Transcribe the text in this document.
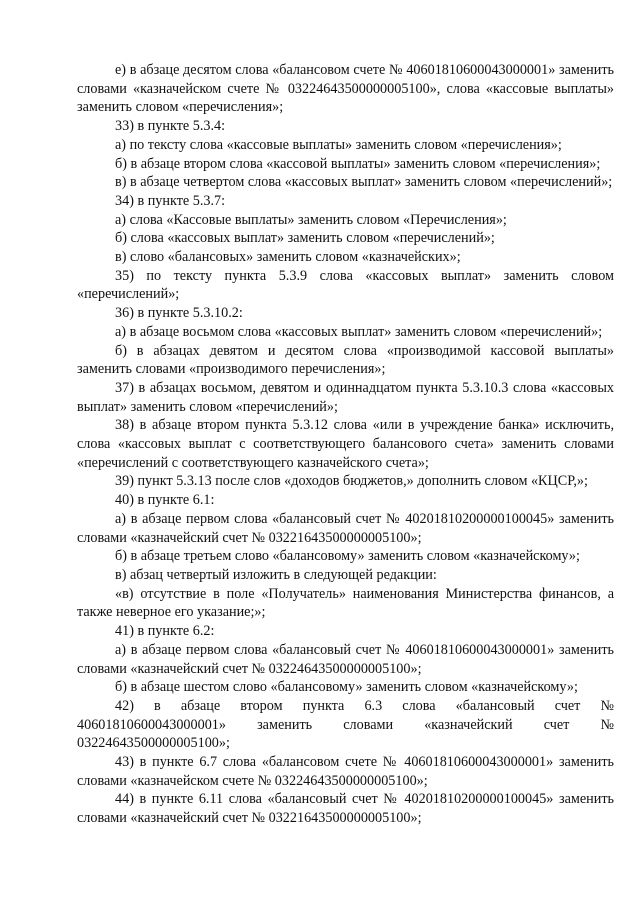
е) в абзаце десятом слова «балансовом счете № 40601810600043000001» заменить словами «казначейском счете № 03224643500000005100», слова «кассовые выплаты» заменить словом «перечисления»;

33) в пункте 5.3.4:

а) по тексту слова «кассовые выплаты» заменить словом «перечисления»;

б) в абзаце втором слова «кассовой выплаты» заменить словом «перечисления»;

в) в абзаце четвертом слова «кассовых выплат» заменить словом «перечислений»;

34) в пункте 5.3.7:

а) слова «Кассовые выплаты» заменить словом «Перечисления»;

б) слова «кассовых выплат» заменить словом «перечислений»;

в) слово «балансовых» заменить словом «казначейских»;

35) по тексту пункта 5.3.9 слова «кассовых выплат» заменить словом «перечислений»;

36) в пункте 5.3.10.2:

а) в абзаце восьмом слова «кассовых выплат» заменить словом «перечислений»;

б) в абзацах девятом и десятом слова «производимой кассовой выплаты» заменить словами «производимого перечисления»;

37) в абзацах восьмом, девятом и одиннадцатом пункта 5.3.10.3 слова «кассовых выплат» заменить словом «перечислений»;

38) в абзаце втором пункта 5.3.12 слова «или в учреждение банка» исключить, слова «кассовых выплат с соответствующего балансового счета» заменить словами «перечислений с соответствующего казначейского счета»;

39) пункт 5.3.13 после слов «доходов бюджетов,» дополнить словом «КЦСР,»;

40) в пункте 6.1:

а) в абзаце первом слова «балансовый счет № 40201810200000100045» заменить словами «казначейский счет № 03221643500000005100»;

б) в абзаце третьем слово «балансовому» заменить словом «казначейскому»;

в) абзац четвертый изложить в следующей редакции:

«в) отсутствие в поле «Получатель» наименования Министерства финансов, а также неверное его указание;»;

41) в пункте 6.2:

а) в абзаце первом слова «балансовый счет № 40601810600043000001» заменить словами «казначейский счет № 03224643500000005100»;

б) в абзаце шестом слово «балансовому» заменить словом «казначейскому»;

42) в абзаце втором пункта 6.3 слова «балансовый счет № 40601810600043000001» заменить словами «казначейский счет № 03224643500000005100»;

43) в пункте 6.7 слова «балансовом счете № 40601810600043000001» заменить словами «казначейском счете № 03224643500000005100»;

44) в пункте 6.11 слова «балансовый счет № 40201810200000100045» заменить словами «казначейский счет № 03221643500000005100»;
